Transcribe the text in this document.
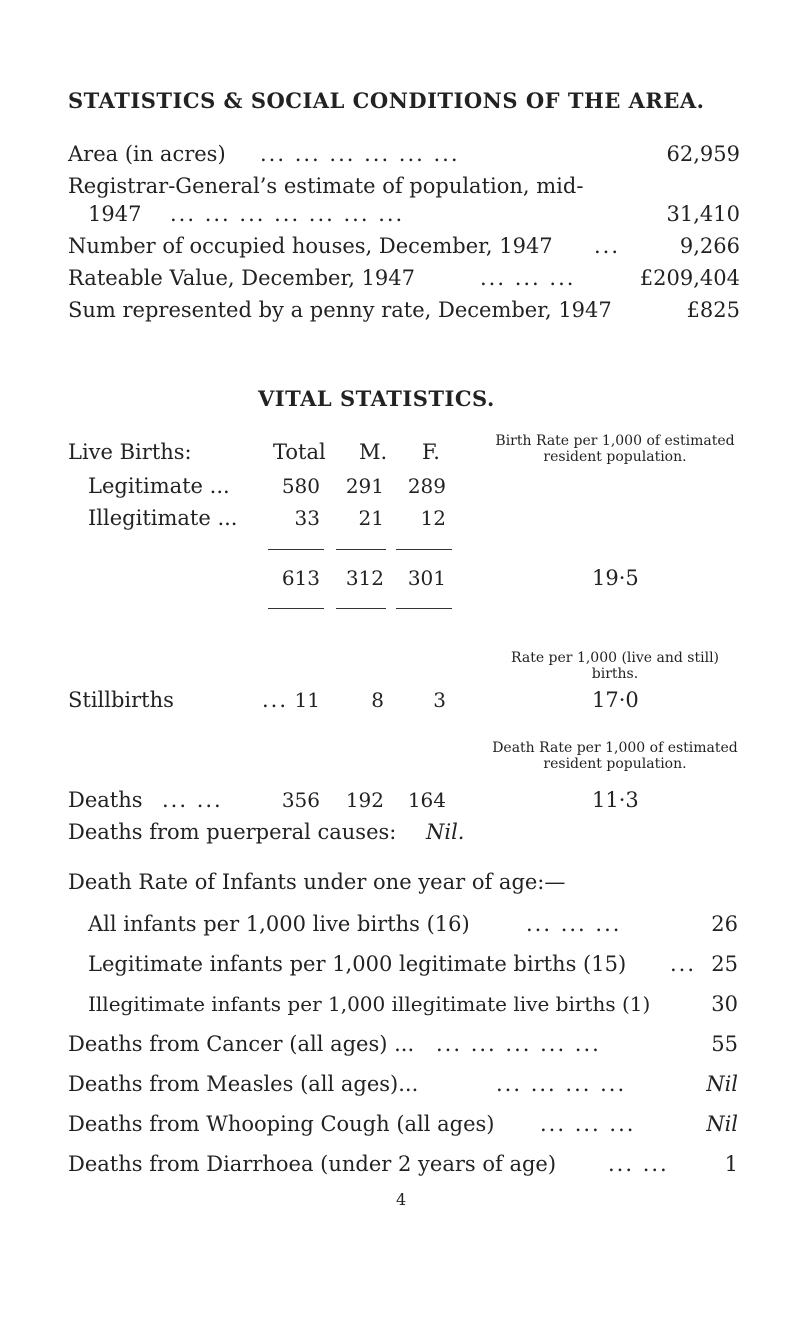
STATISTICS & SOCIAL CONDITIONS OF THE AREA.
Area (in acres) ... ... ... ... ... ...	62,959
Registrar-General’s estimate of population, mid-
1947 ... ... ... ... ... ... ...	31,410
Number of occupied houses, December, 1947 ...	9,266
Rateable Value, December, 1947	... ... ...	£209,404
Sum represented by a penny rate, December, 1947	£825
VITAL STATISTICS.
Live Births:	Total M. F.	Birth Rate per 1,000 of estimated resident population.
Legitimate ...	580	291	289
Illegitimate ...	33	21	12
613	312	301	19·5
Rate per 1,000 (live and still) births.
Stillbirths	... 11	8	3	17·0
Death Rate per 1,000 of estimated resident population.
Deaths ... ...	356	192	164	11·3
Deaths from puerperal causes: Nil.
Death Rate of Infants under one year of age:—
All infants per 1,000 live births (16)	... ... ...	26
Legitimate infants per 1,000 legitimate births (15) ... 25
Illegitimate infants per 1,000 illegitimate live births (1)	30
Deaths from Cancer (all ages) ... ... ... ... ... ...	55
Deaths from Measles (all ages)...	... ... ... ...	Nil
Deaths from Whooping Cough (all ages) ... ... ...	Nil
Deaths from Diarrhoea (under 2 years of age) ... ...	1
4
